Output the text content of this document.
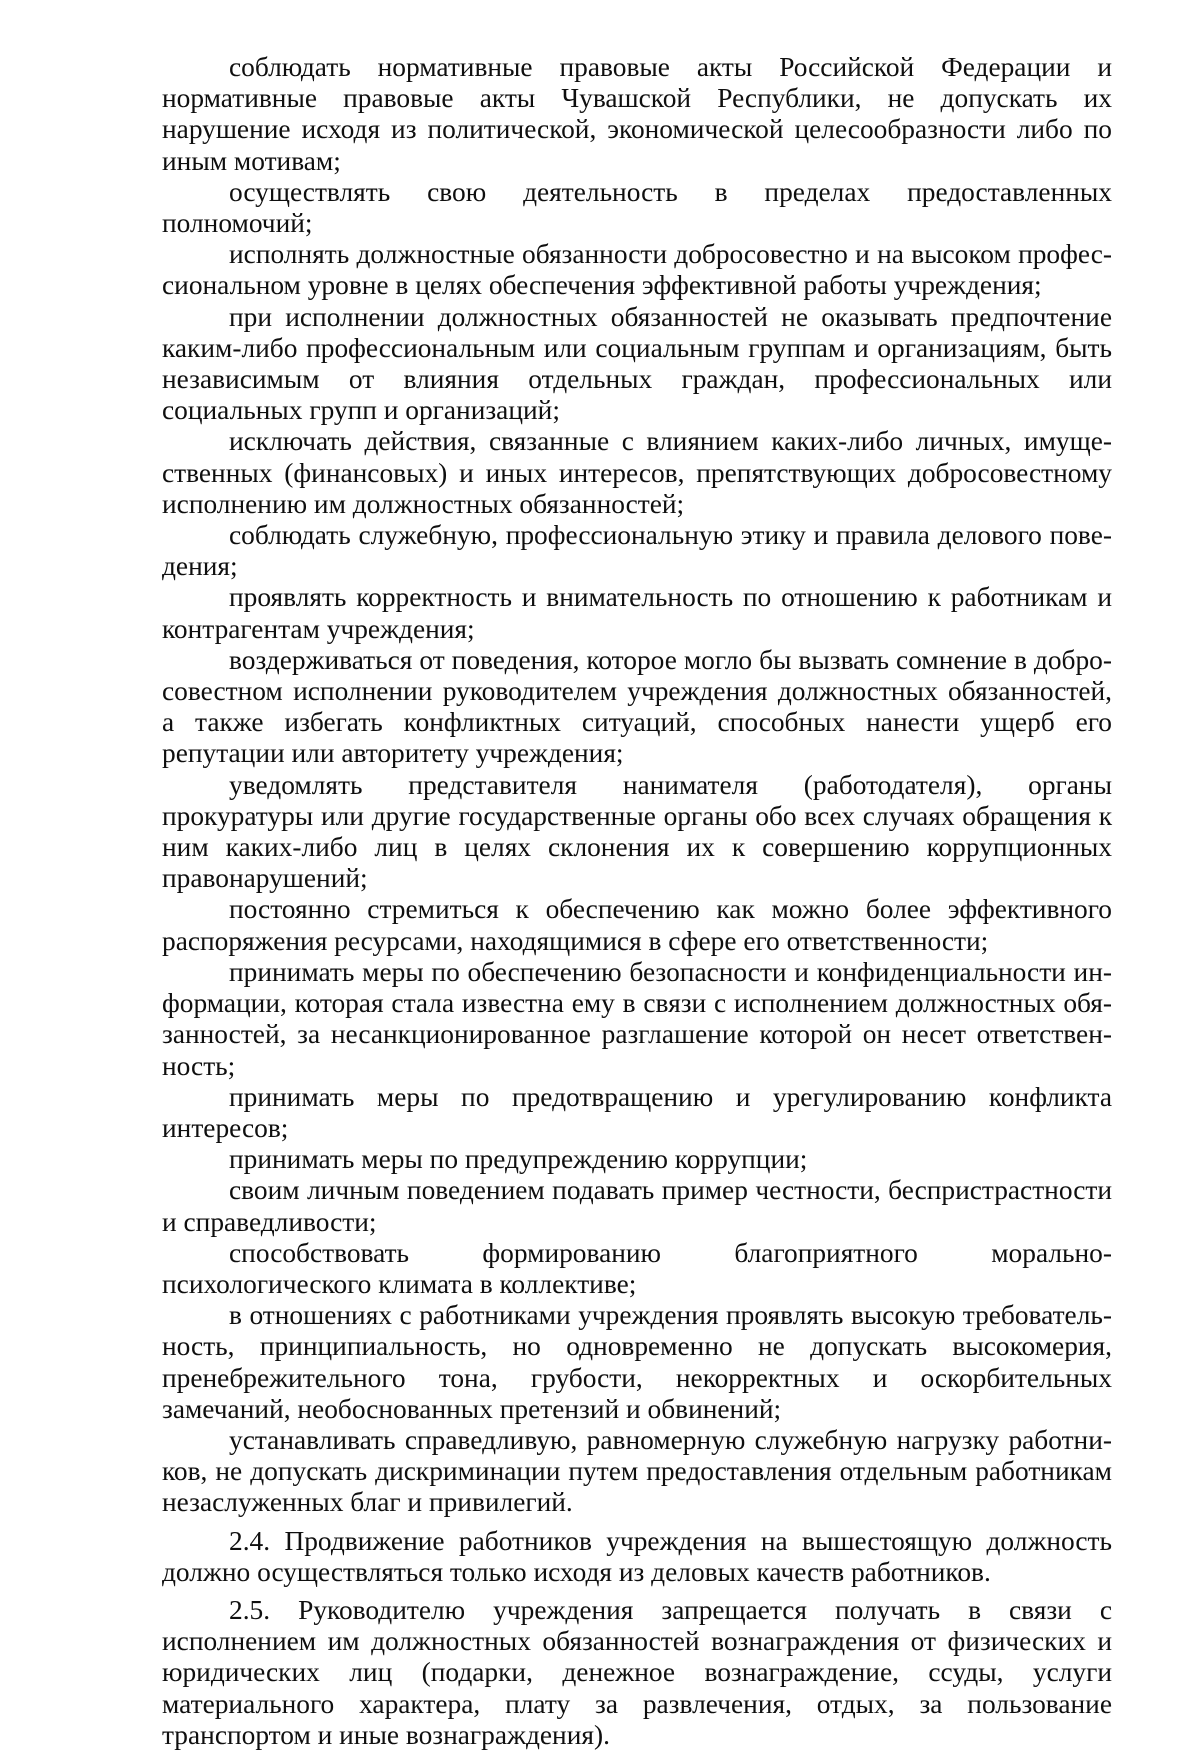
соблюдать нормативные правовые акты Российской Федерации и нормативные правовые акты Чувашской Республики, не допускать их нарушение исходя из политической, экономической целесообразности либо по иным мотивам;

осуществлять свою деятельность в пределах предоставленных полномочий;

исполнять должностные обязанности добросовестно и на высоком профессиональном уровне в целях обеспечения эффективной работы учреждения;

при исполнении должностных обязанностей не оказывать предпочтение каким-либо профессиональным или социальным группам и организациям, быть независимым от влияния отдельных граждан, профессиональных или социальных групп и организаций;

исключать действия, связанные с влиянием каких-либо личных, имущественных (финансовых) и иных интересов, препятствующих добросовестному исполнению им должностных обязанностей;

соблюдать служебную, профессиональную этику и правила делового поведения;

проявлять корректность и внимательность по отношению к работникам и контрагентам учреждения;

воздерживаться от поведения, которое могло бы вызвать сомнение в добросовестном исполнении руководителем учреждения должностных обязанностей, а также избегать конфликтных ситуаций, способных нанести ущерб его репутации или авторитету учреждения;

уведомлять представителя нанимателя (работодателя), органы прокуратуры или другие государственные органы обо всех случаях обращения к ним каких-либо лиц в целях склонения их к совершению коррупционных правонарушений;

постоянно стремиться к обеспечению как можно более эффективного распоряжения ресурсами, находящимися в сфере его ответственности;

принимать меры по обеспечению безопасности и конфиденциальности информации, которая стала известна ему в связи с исполнением должностных обязанностей, за несанкционированное разглашение которой он несет ответственность;

принимать меры по предотвращению и урегулированию конфликта интересов;

принимать меры по предупреждению коррупции;

своим личным поведением подавать пример честности, беспристрастности и справедливости;

способствовать формированию благоприятного морально-психологического климата в коллективе;

в отношениях с работниками учреждения проявлять высокую требовательность, принципиальность, но одновременно не допускать высокомерия, пренебрежительного тона, грубости, некорректных и оскорбительных замечаний, необоснованных претензий и обвинений;

устанавливать справедливую, равномерную служебную нагрузку работников, не допускать дискриминации путем предоставления отдельным работникам незаслуженных благ и привилегий.

2.4. Продвижение работников учреждения на вышестоящую должность должно осуществляться только исходя из деловых качеств работников.

2.5. Руководителю учреждения запрещается получать в связи с исполнением им должностных обязанностей вознаграждения от физических и юридических лиц (подарки, денежное вознаграждение, ссуды, услуги материального характера, плату за развлечения, отдых, за пользование транспортом и иные вознаграждения).
